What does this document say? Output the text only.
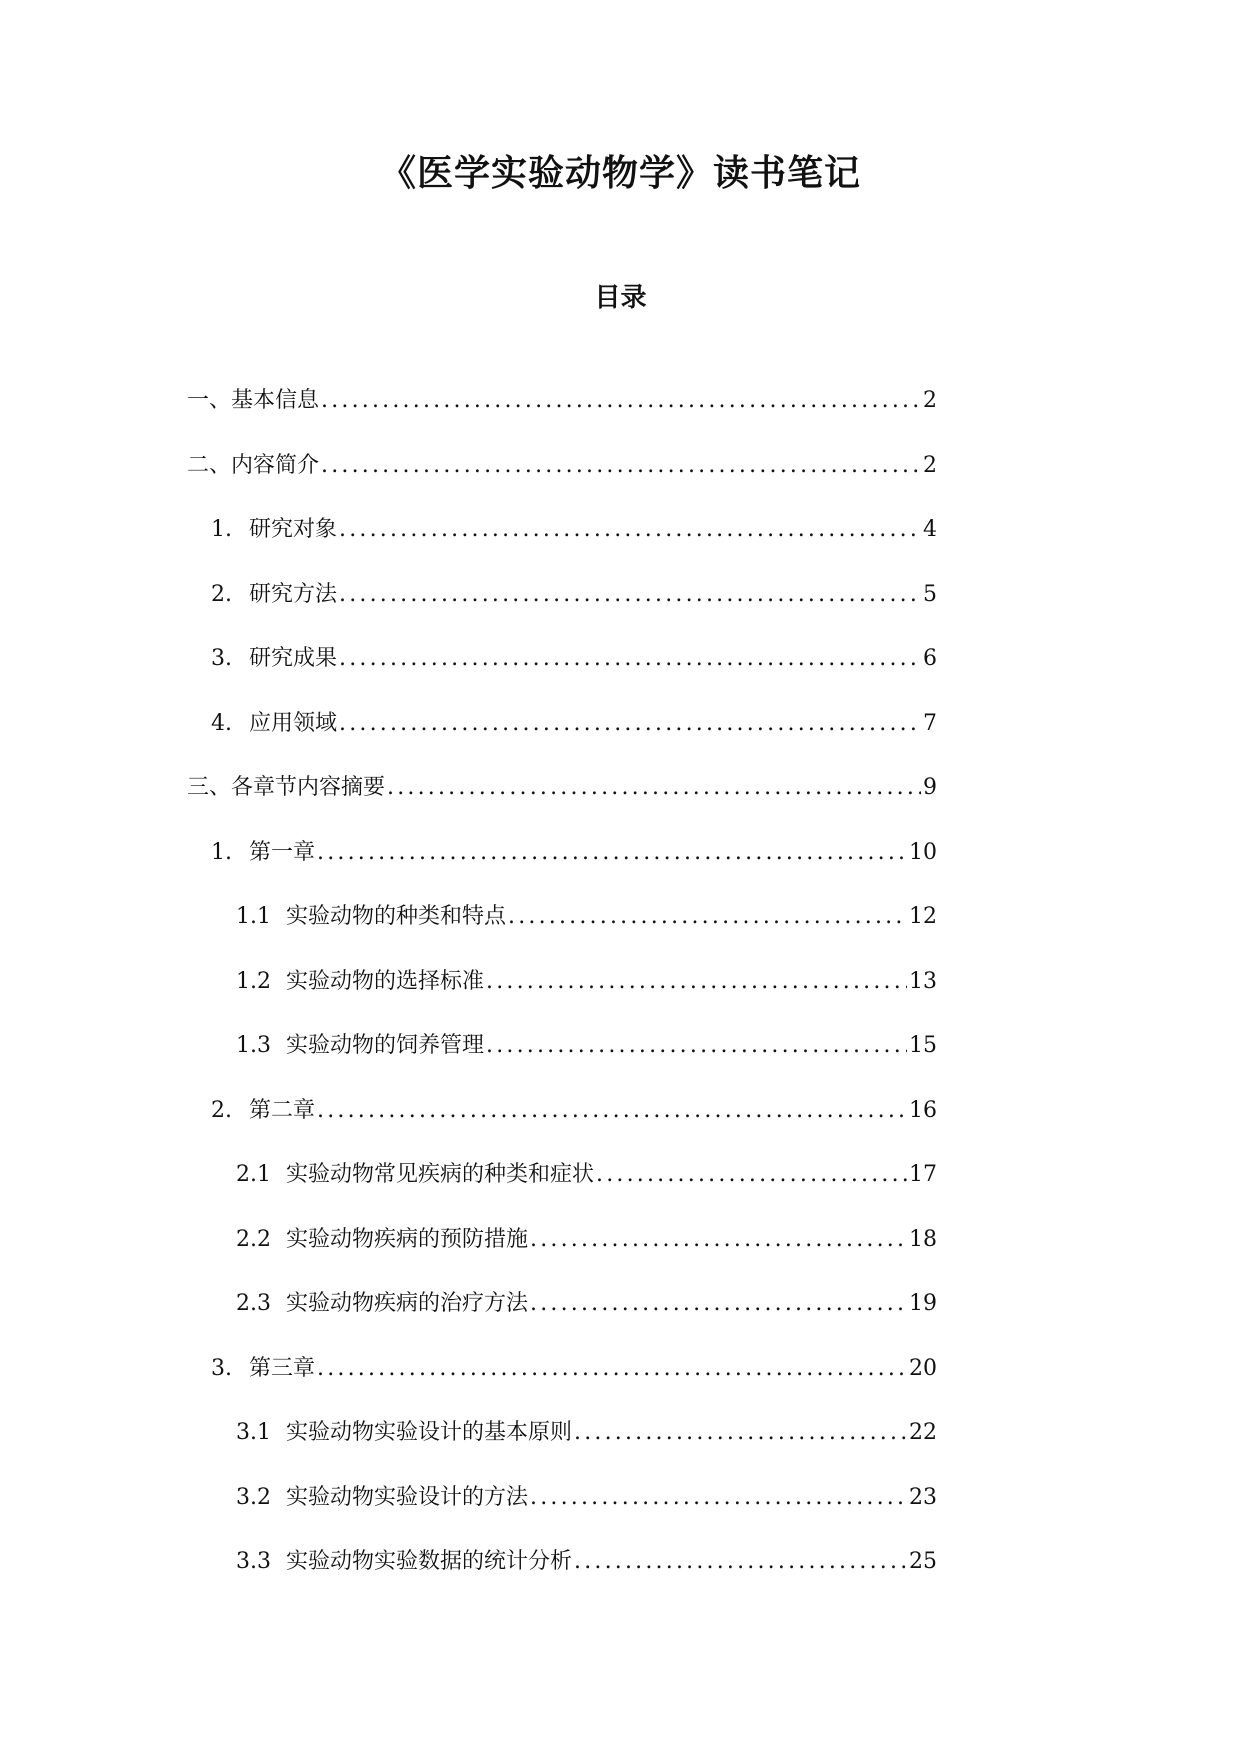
《医学实验动物学》读书笔记
目录
一、基本信息 .....	2
二、内容简介 .....	2
1. 研究对象 .....	4
2. 研究方法 .....	5
3. 研究成果 .....	6
4. 应用领域 .....	7
三、各章节内容摘要 .....	9
1. 第一章 .....	10
1.1 实验动物的种类和特点 .....	12
1.2 实验动物的选择标准 .....	13
1.3 实验动物的饲养管理 .....	15
2. 第二章 .....	16
2.1 实验动物常见疾病的种类和症状 .....	17
2.2 实验动物疾病的预防措施 .....	18
2.3 实验动物疾病的治疗方法 .....	19
3. 第三章 .....	20
3.1 实验动物实验设计的基本原则 .....	22
3.2 实验动物实验设计的方法 .....	23
3.3 实验动物实验数据的统计分析 .....	25
